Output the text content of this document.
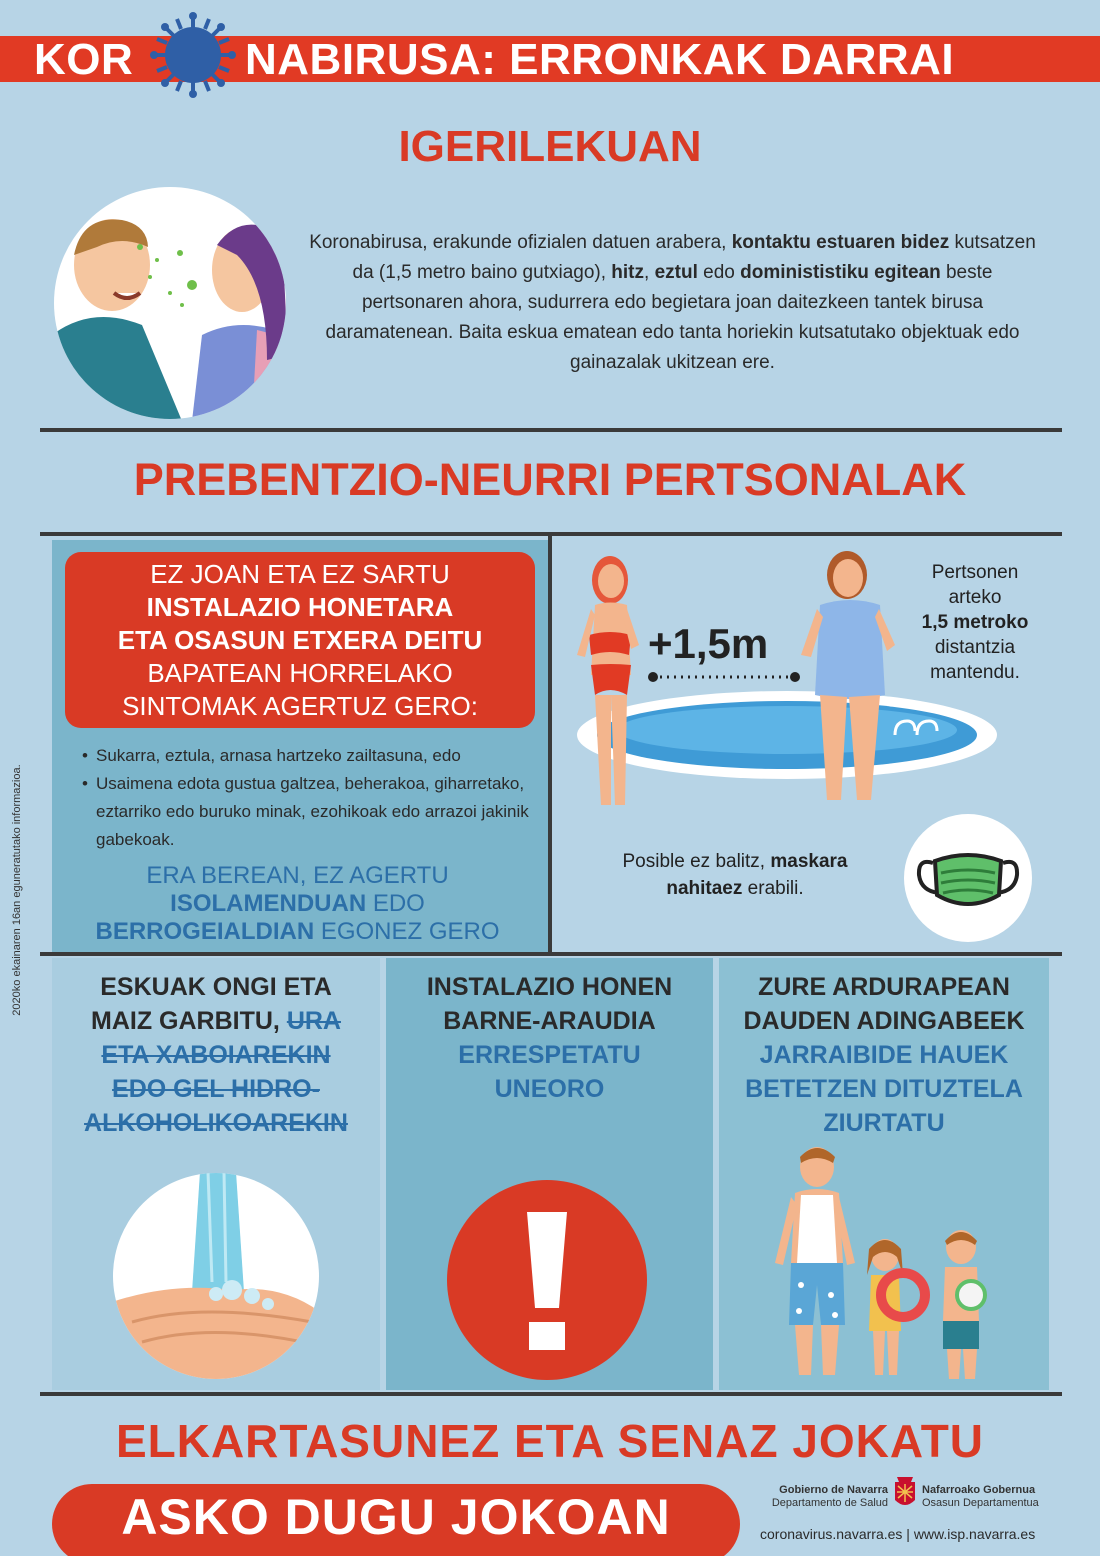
KOR	NABIRUSA: ERRONKAK DARRAI
IGERILEKUAN
Koronabirusa, erakunde ofizialen datuen arabera, kontaktu estuaren bidez kutsatzen da (1,5 metro baino gutxiago), hitz, eztul edo dominististiku egitean beste pertsonaren ahora, sudurrera edo begietara joan daitezkeen tantek birusa daramatenean. Baita eskua ematean edo tanta horiekin kutsatutako objektuak edo gainazalak ukitzean ere.
PREBENTZIO-NEURRI PERTSONALAK
EZ JOAN ETA EZ SARTU
INSTALAZIO HONETARA
ETA OSASUN ETXERA DEITU
BAPATEAN HORRELAKO
SINTOMAK AGERTUZ GERO:
• Sukarra, eztula, arnasa hartzeko zailtasuna, edo
• Usaimena edota gustua galtzea, beherakoa, giharretako, eztarriko edo buruko minak, ezohikoak edo arrazoi jakinik gabekoak.
ERA BEREAN, EZ AGERTU
ISOLAMENDUAN EDO
BERROGEIALDIAN EGONEZ GERO
+1,5m
Pertsonen
arteko
1,5 metroko
distantzia
mantendu.
Posible ez balitz, maskara
nahitaez erabili.
ESKUAK ONGI ETA
MAIZ GARBITU, URA
ETA XABOIAREKIN
EDO GEL HIDRO-
ALKOHOLIKOAREKIN
INSTALAZIO HONEN
BARNE-ARAUDIA
ERRESPETATU
UNEORO
ZURE ARDURAPEAN
DAUDEN ADINGABEEK
JARRAIBIDE HAUEK
BETETZEN DITUZTELA
ZIURTATU
2020ko ekainaren 16an eguneratutako informazioa.
ELKARTASUNEZ ETA SENAZ JOKATU
ASKO DUGU JOKOAN	Gobierno de Navarra
Departamento de Salud
Nafarroako Gobernua
Osasun Departamentua
coronavirus.navarra.es | www.isp.navarra.es
